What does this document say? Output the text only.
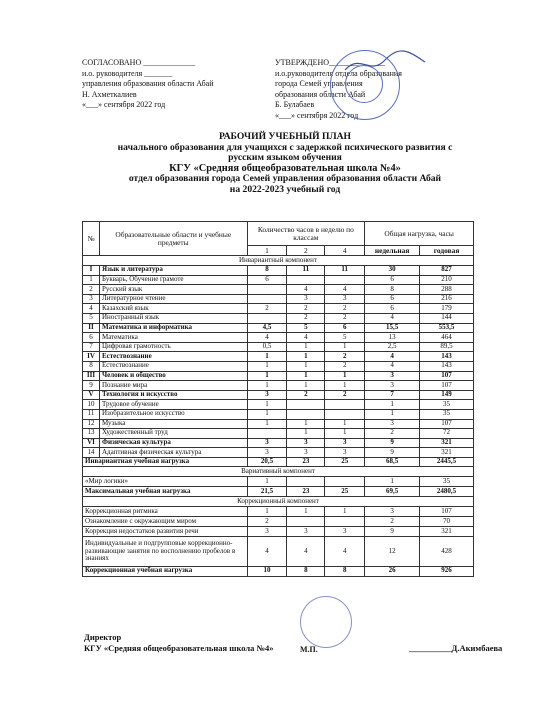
СОГЛАСОВАНО _____________
и.о. руководителя _______
управления образования области Абай
Н. Ахметкалиев
«___» сентября 2022 год
УТВЕРЖДЕНО______________
и.о.руководителя отдела образования
города Семей управления
образования области Абай
Б. Булабаев
«___» сентября 2022 год
РАБОЧИЙ УЧЕБНЫЙ ПЛАН
начального образования для учащихся с задержкой психического развития с
русским языком обучения
КГУ «Средняя общеобразовательная школа №4»
отдел образования города Семей управления образования области Абай
на 2022-2023 учебный год
№	Образовательные области и учебные предметы	Количество часов в неделю по классам			Общая нагрузка, часы	
		1	2	4	недельная	годовая
Инвариантный компонент						
I	Язык и литература	8	11	11	30	827
1	Букварь, Обучение грамоте	6			6	210
2	Русский язык		4	4	8	288
3	Литературное чтение		3	3	6	216
4	Казахский язык	2	2	2	6	179
5	Иностранный язык		2	2	4	144
II	Математика и информатика	4,5	5	6	15,5	553,5
6	Математика	4	4	5	13	464
7	Цифровая грамотность	0,5	1	1	2,5	89,5
IV	Естествознание	1	1	2	4	143
8	Естествознание	1	1	2	4	143
III	Человек и общество	1	1	1	3	107
9	Познание мира	1	1	1	3	107
V	Технология и искусство	3	2	2	7	149
10	Трудовое обучение	1			1	35
11	Изобразительное искусство	1			1	35
12	Музыка	1	1	1	3	107
13	Художественный труд		1	1	2	72
VI	Физическая культура	3	3	3	9	321
14	Адаптивная физическая культура	3	3	3	9	321
Инвариантная учебная нагрузка		20,5	23	25	68,5	2445,5
Вариативный компонент						
«Мир логики»		1			1	35
Максимальная учебная нагрузка		21,5	23	25	69,5	2480,5
Коррекционный компонент						
Коррекционная ритмика		1	1	1	3	107
Ознакомление с окружающим миром		2			2	70
Коррекция недостатков развития речи		3	3	3	9	321
Индивидуальные и подгрупповые коррекционно-развивающие занятия по восполнению пробелов в знаниях		4	4	4	12	428
Коррекционная учебная нагрузка		10	8	8	26	926
Директор
КГУ «Средняя общеобразовательная школа №4»	__________Д.Акимбаева
М.П.
